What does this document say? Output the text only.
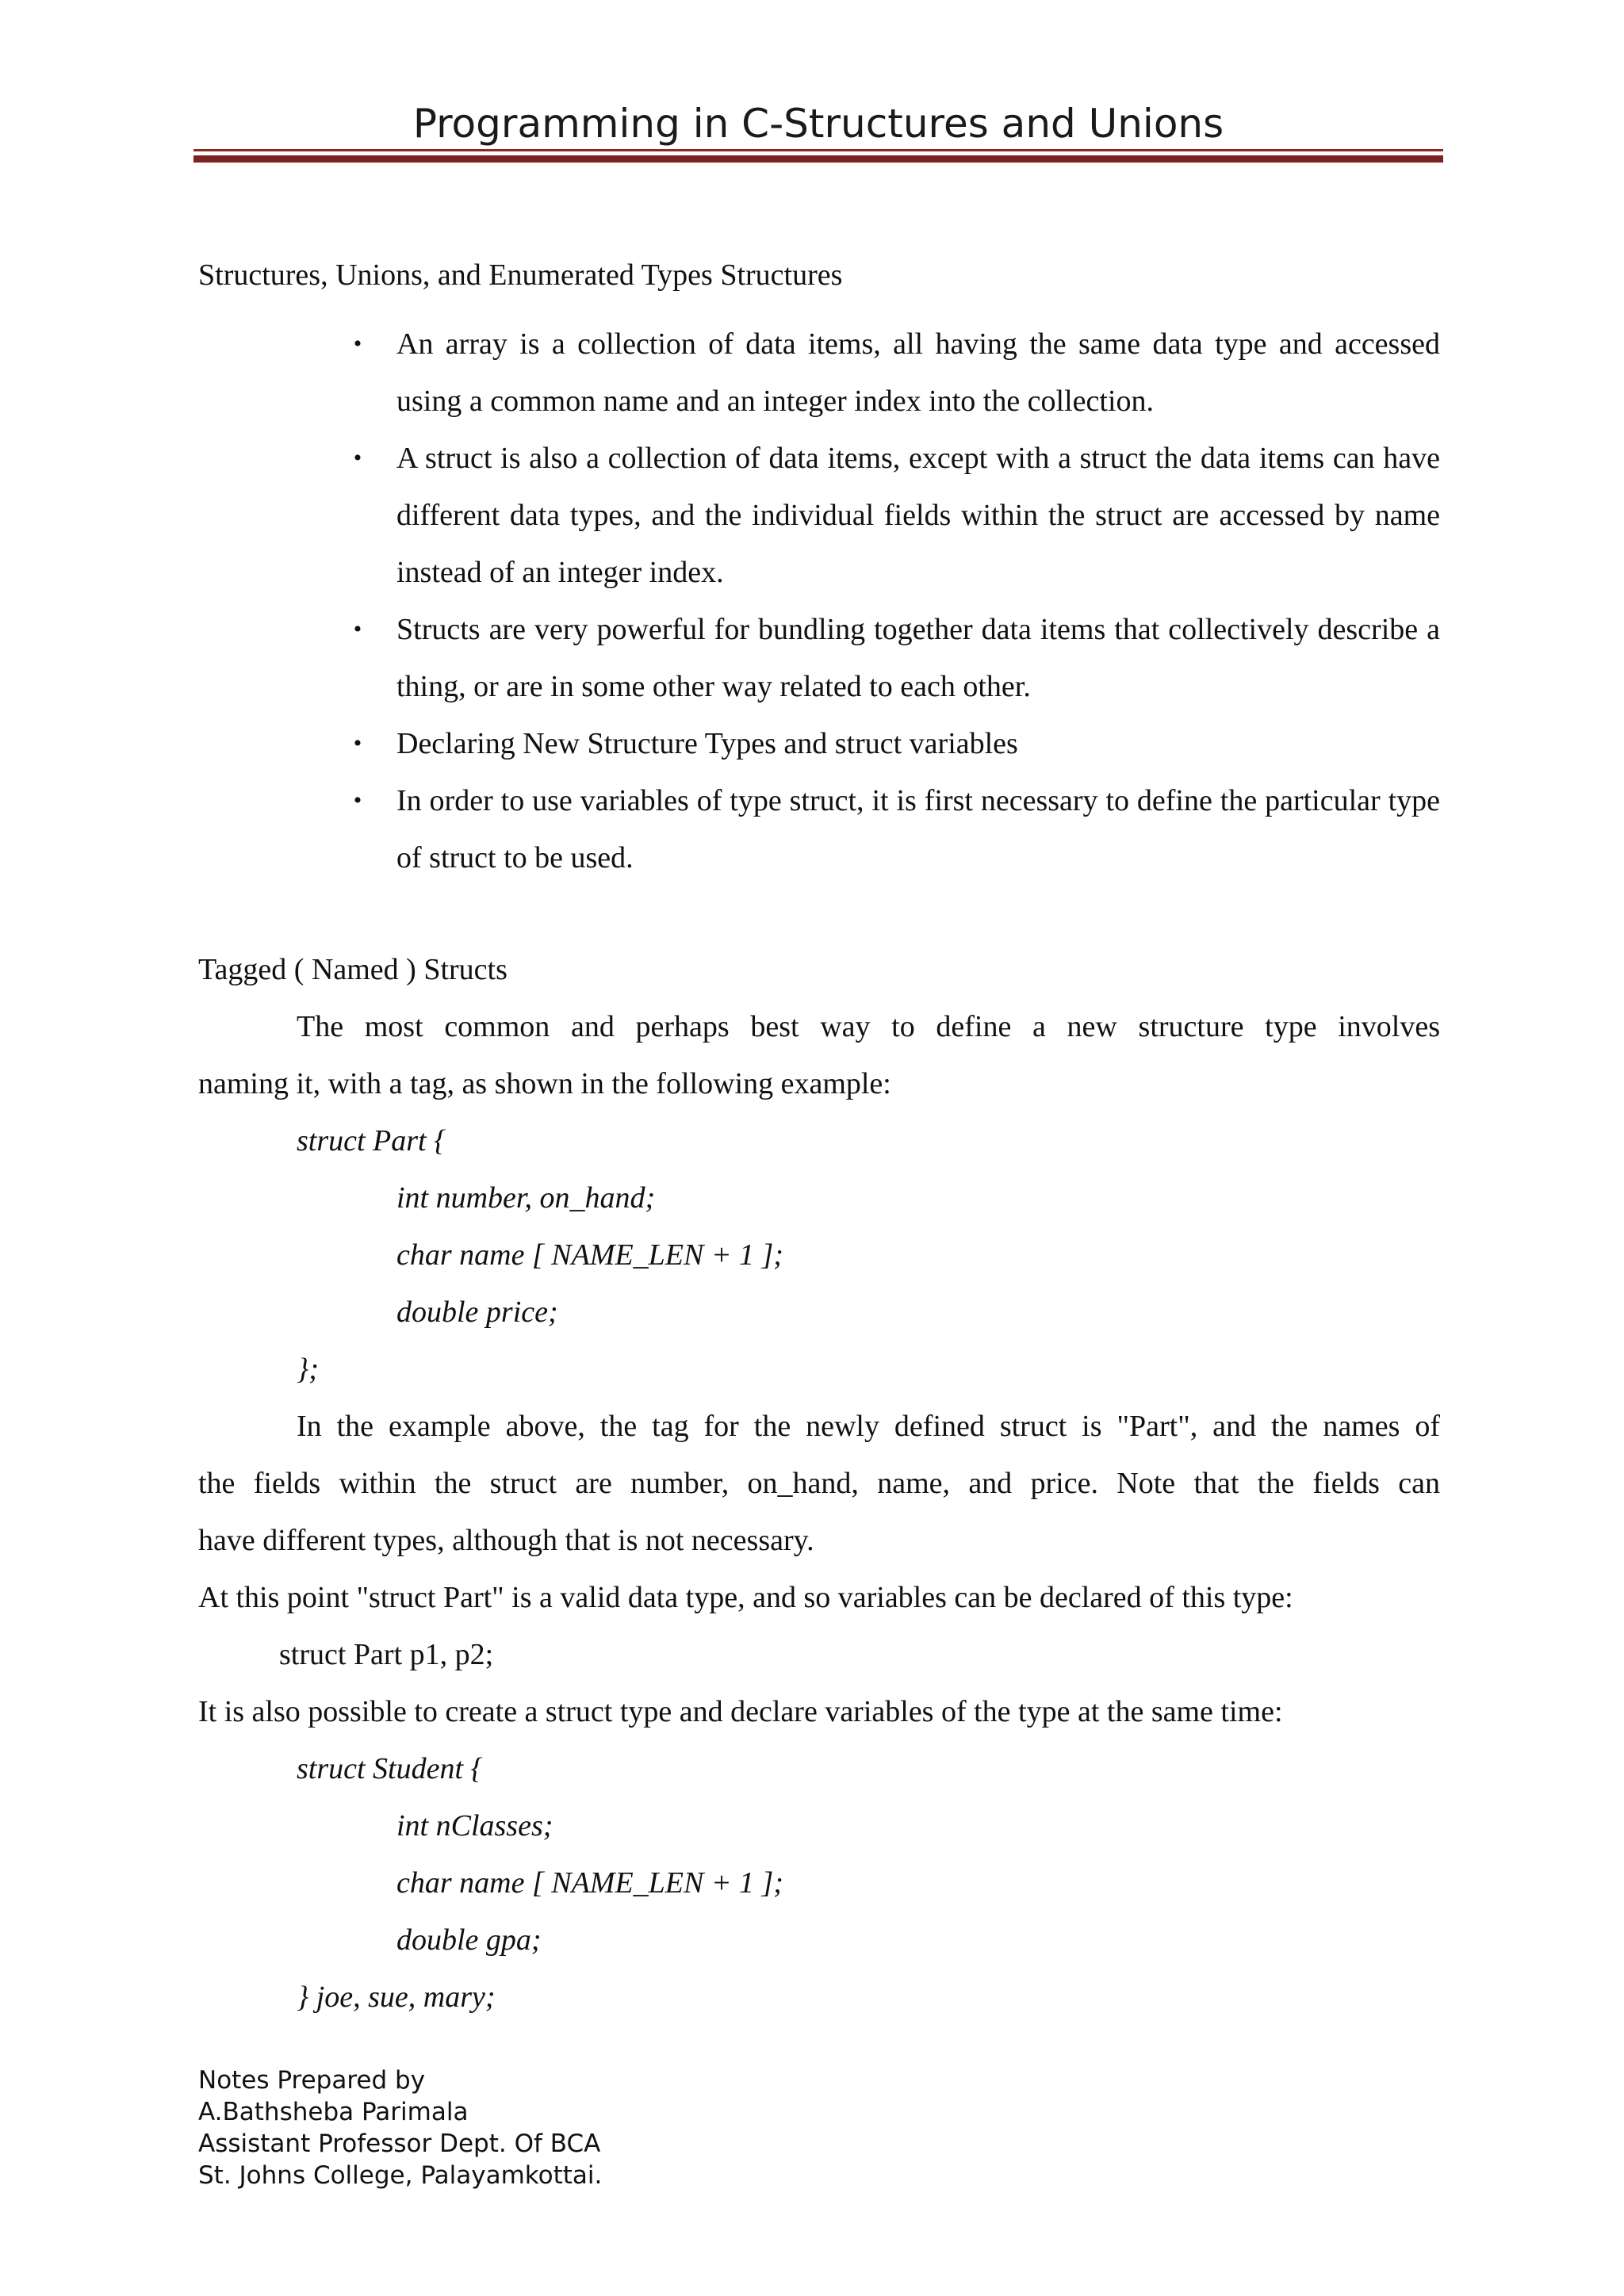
Programming in C-Structures and Unions
Structures, Unions, and Enumerated Types Structures
• An array is a collection of data items, all having the same data type and accessed using a common name and an integer index into the collection.
• A struct is also a collection of data items, except with a struct the data items can have different data types, and the individual fields within the struct are accessed by name instead of an integer index.
• Structs are very powerful for bundling together data items that collectively describe a thing, or are in some other way related to each other.
• Declaring New Structure Types and struct variables
• In order to use variables of type struct, it is first necessary to define the particular type of struct to be used.
Tagged ( Named ) Structs
The most common and perhaps best way to define a new structure type involves
naming it, with a tag, as shown in the following example:
struct Part {
int number, on_hand;
char name [ NAME_LEN + 1 ];
double price;
};
In the example above, the tag for the newly defined struct is "Part", and the names of
the fields within the struct are number, on_hand, name, and price. Note that the fields can
have different types, although that is not necessary.
At this point "struct Part" is a valid data type, and so variables can be declared of this type:
struct Part p1, p2;
It is also possible to create a struct type and declare variables of the type at the same time:
struct Student {
int nClasses;
char name [ NAME_LEN + 1 ];
double gpa;
} joe, sue, mary;
Notes Prepared by
A.Bathsheba Parimala
Assistant Professor Dept. Of BCA
St. Johns College, Palayamkottai.
